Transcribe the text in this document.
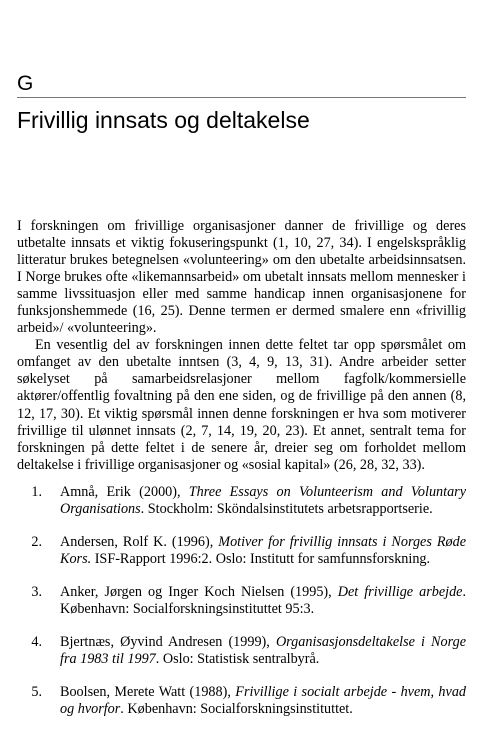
G
Frivillig innsats og deltakelse

I forskningen om frivillige organisasjoner danner de frivillige og deres utbetalte innsats et viktig fokuseringspunkt (1, 10, 27, 34). I engelskspråklig litteratur brukes betegnelsen «volunteering» om den ubetalte arbeidsinnsatsen. I Norge brukes ofte «likemannsarbeid» om ubetalt innsats mellom mennesker i samme livssituasjon eller med samme handicap innen organisasjonene for funksjonshemmede (16, 25). Denne termen er dermed smalere enn «frivillig arbeid»/ «volunteering».

En vesentlig del av forskningen innen dette feltet tar opp spørsmålet om omfanget av den ubetalte inntsen (3, 4, 9, 13, 31). Andre arbeider setter søkelyset på samarbeidsrelasjoner mellom fagfolk/kommersielle aktører/offentlig fovaltning på den ene siden, og de frivillige på den annen (8, 12, 17, 30). Et viktig spørsmål innen denne forskningen er hva som motiverer frivillige til ulønnet innsats (2, 7, 14, 19, 20, 23). Et annet, sentralt tema for forskningen på dette feltet i de senere år, dreier seg om forholdet mellom deltakelse i frivillige organisasjoner og «sosial kapital» (26, 28, 32, 33).

1.	Amnå, Erik (2000), Three Essays on Volunteerism and Voluntary Organisations. Stockholm: Sköndalsinstitutets arbetsrapportserie.
2.	Andersen, Rolf K. (1996), Motiver for frivillig innsats i Norges Røde Kors. ISF-Rapport 1996:2. Oslo: Institutt for samfunnsforskning.
3.	Anker, Jørgen og Inger Koch Nielsen (1995), Det frivillige arbejde. København: Socialforskningsinstituttet 95:3.
4.	Bjertnæs, Øyvind Andresen (1999), Organisasjonsdeltakelse i Norge fra 1983 til 1997. Oslo: Statistisk sentralbyrå.
5.	Boolsen, Merete Watt (1988), Frivillige i socialt arbejde - hvem, hvad og hvorfor. København: Socialforskningsinstituttet.
